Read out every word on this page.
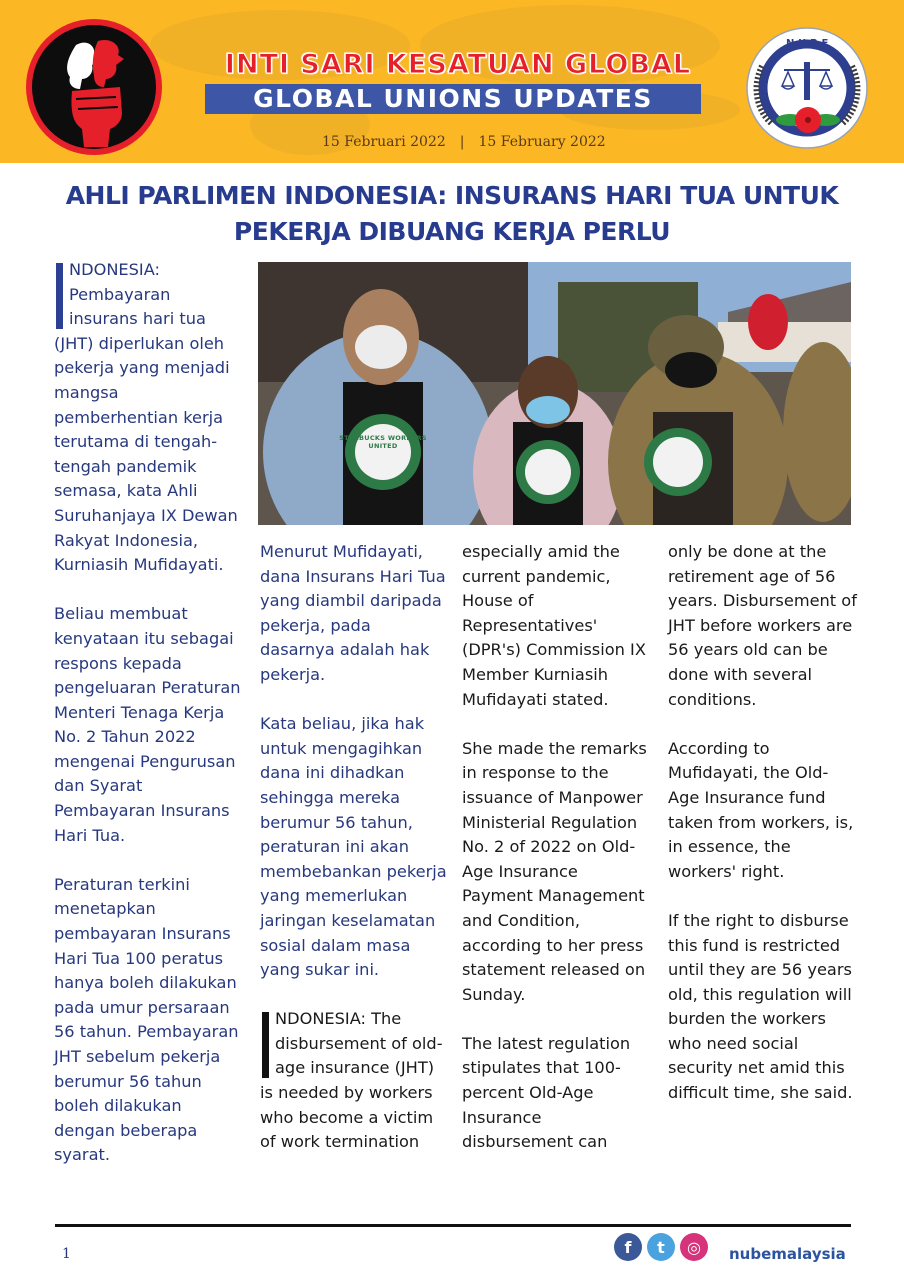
INTI SARI KESATUAN GLOBAL
GLOBAL UNIONS UPDATES
15 Februari 2022 | 15 February 2022
N.U.B.E
AHLI PARLIMEN INDONESIA: INSURANS HARI TUA UNTUK
PEKERJA DIBUANG KERJA PERLU
STARBUCKS WORKERS UNITED

NDONESIA: Pembayaran insurans hari tua (JHT) diperlukan oleh pekerja yang menjadi mangsa pemberhentian kerja terutama di tengah-tengah pandemik semasa, kata Ahli Suruhanjaya IX Dewan Rakyat Indonesia, Kurniasih Mufidayati.

Beliau membuat kenyataan itu sebagai respons kepada pengeluaran Peraturan Menteri Tenaga Kerja No. 2 Tahun 2022 mengenai Pengurusan dan Syarat Pembayaran Insurans Hari Tua.

Peraturan terkini menetapkan pembayaran Insurans Hari Tua 100 peratus hanya boleh dilakukan pada umur persaraan 56 tahun. Pembayaran JHT sebelum pekerja berumur 56 tahun boleh dilakukan dengan beberapa syarat.

Menurut Mufidayati, dana Insurans Hari Tua yang diambil daripada pekerja, pada dasarnya adalah hak pekerja.

Kata beliau, jika hak untuk mengagihkan dana ini dihadkan sehingga mereka berumur 56 tahun, peraturan ini akan membebankan pekerja yang memerlukan jaringan keselamatan sosial dalam masa yang sukar ini.

NDONESIA: The disbursement of old-age insurance (JHT) is needed by workers who become a victim of work termination

especially amid the current pandemic, House of Representatives' (DPR's) Commission IX Member Kurniasih Mufidayati stated.

She made the remarks in response to the issuance of Manpower Ministerial Regulation No. 2 of 2022 on Old-Age Insurance Payment Management and Condition, according to her press statement released on Sunday.

The latest regulation stipulates that 100-percent Old-Age Insurance disbursement can

only be done at the retirement age of 56 years. Disbursement of JHT before workers are 56 years old can be done with several conditions.

According to Mufidayati, the Old-Age Insurance fund taken from workers, is, in essence, the workers' right.

If the right to disburse this fund is restricted until they are 56 years old, this regulation will burden the workers who need social security net amid this difficult time, she said.

1	f	t	◎	nubemalaysia
